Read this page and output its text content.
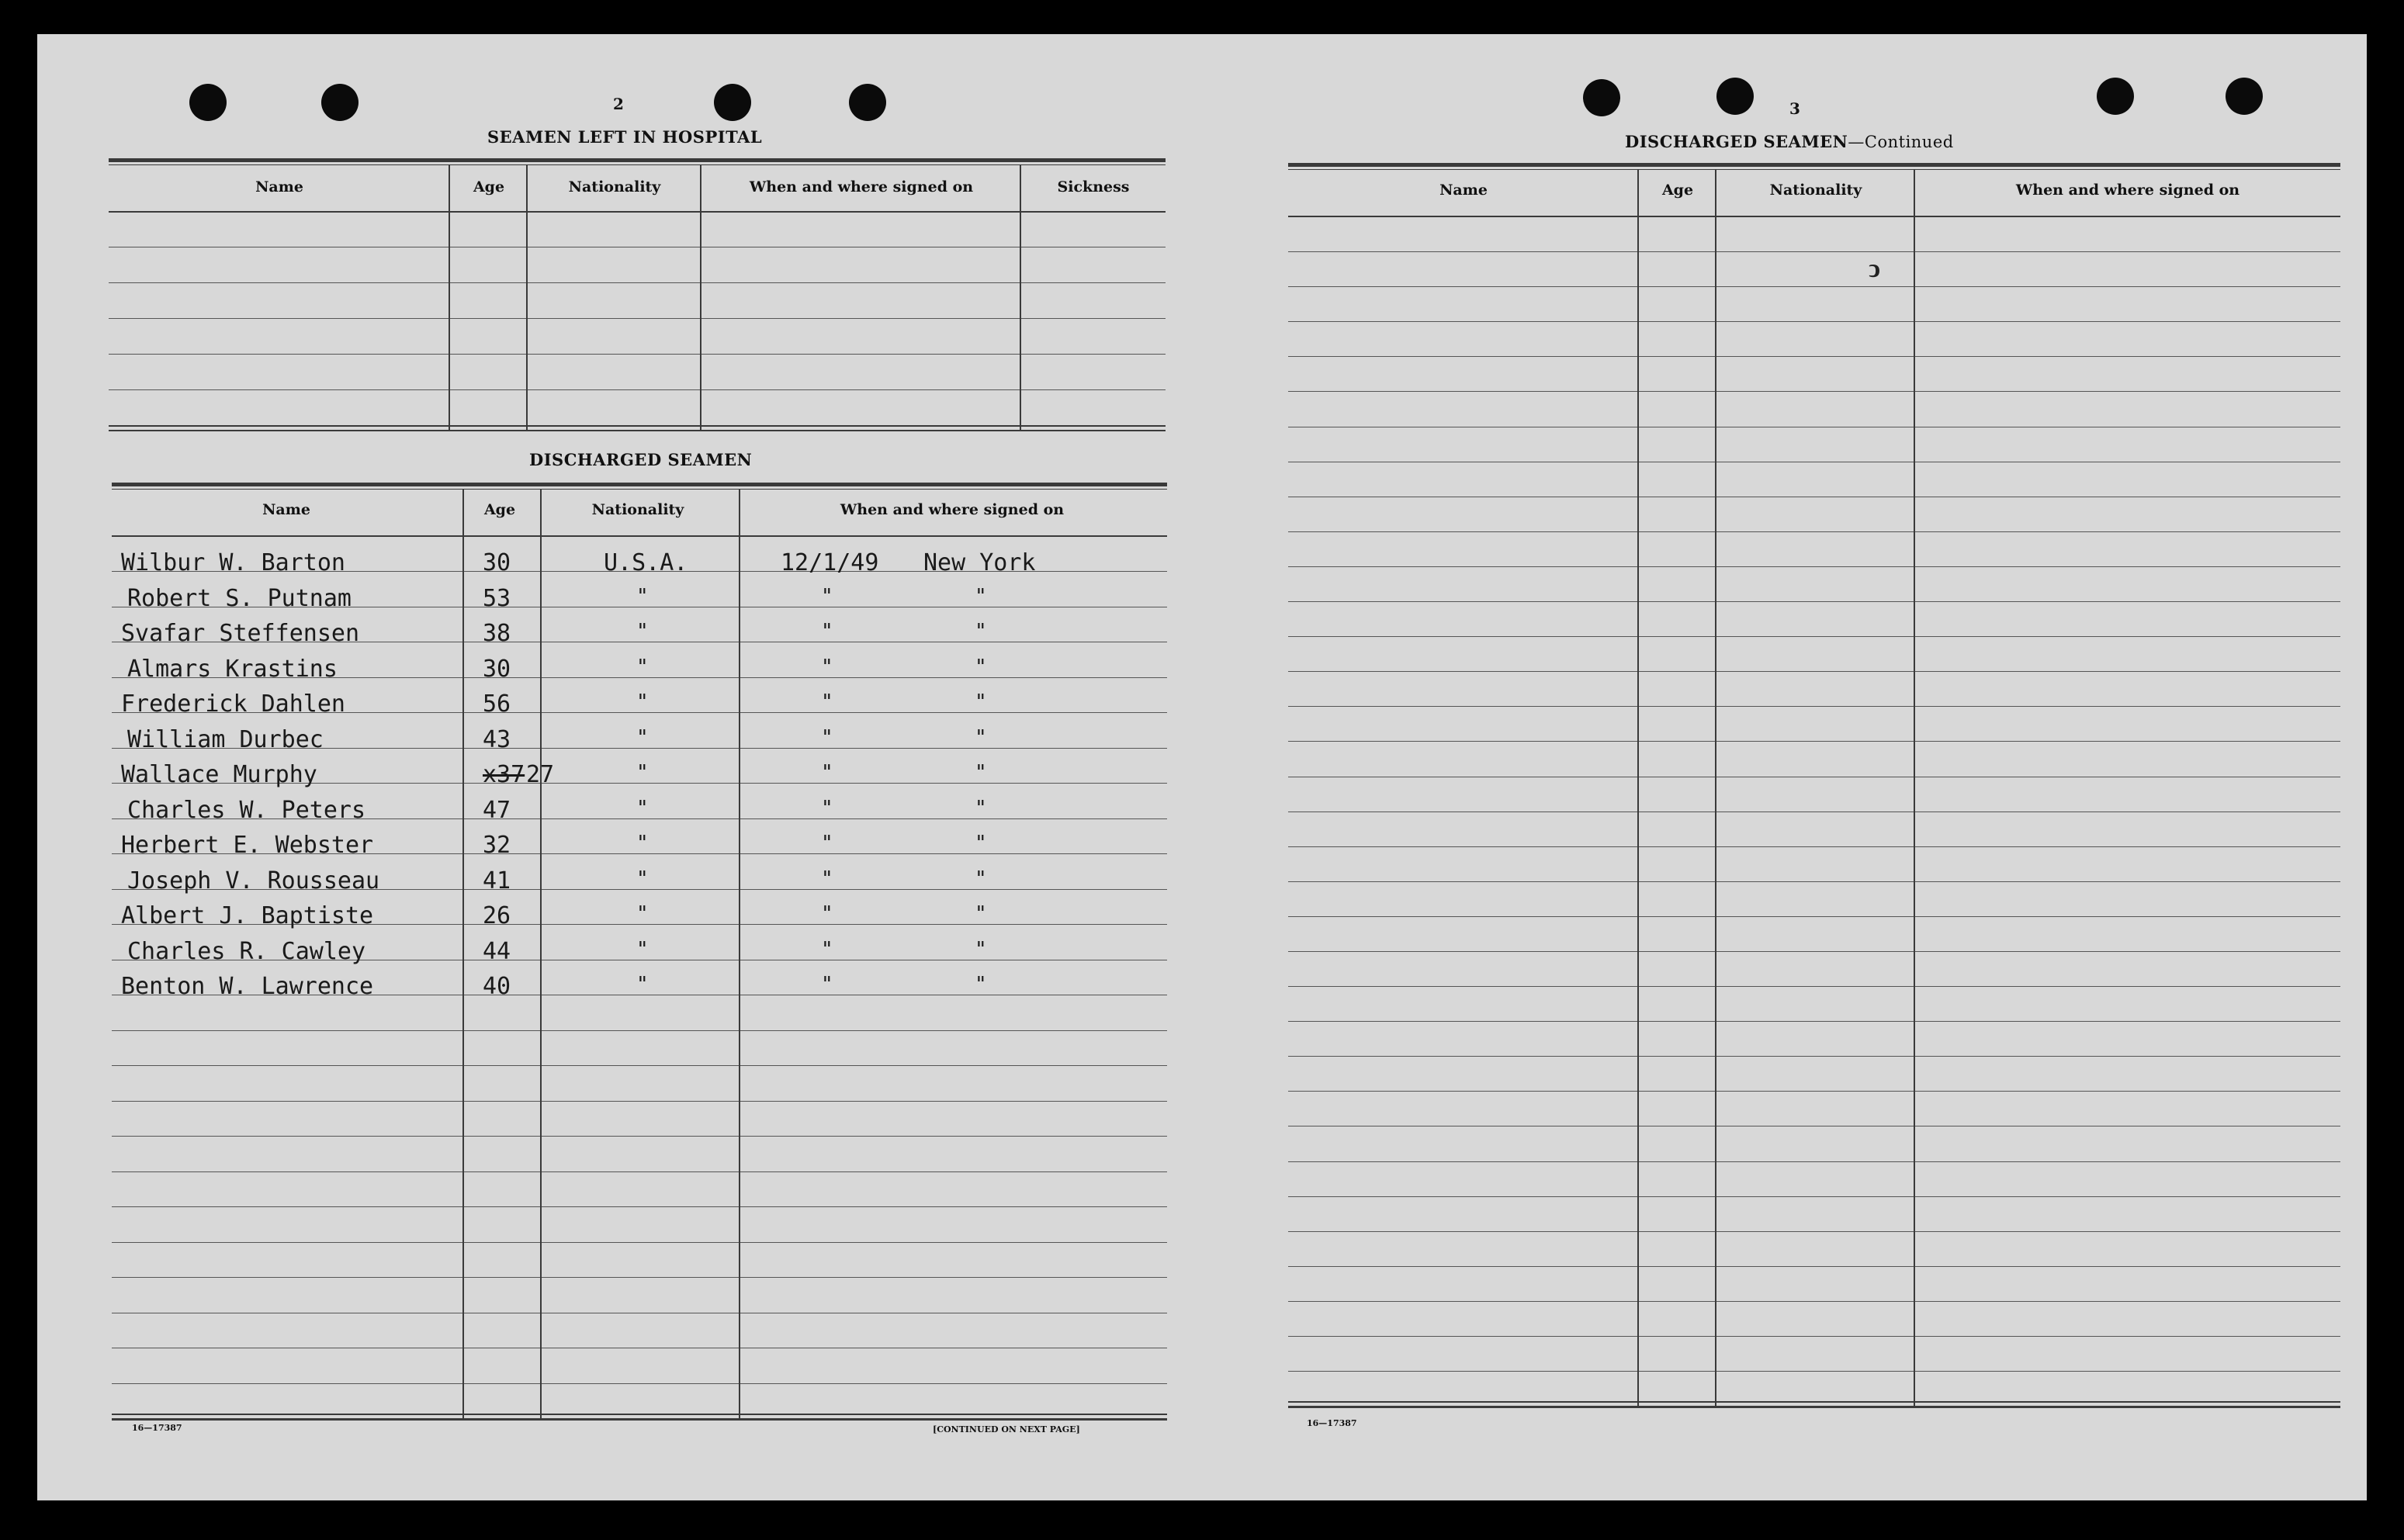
2
SEAMEN LEFT IN HOSPITAL
Name	Age	Nationality	When and where signed on	Sickness
DISCHARGED SEAMEN
Name	Age	Nationality	When and where signed on
Wilbur W. Barton	30	U.S.A.	12/1/49 New York
Robert S. Putnam	53	"	"	"
Svafar Steffensen	38	"	"	"
Almars Krastins	30	"	"	"
Frederick Dahlen	56	"	"	"
William Durbec	43	"	"	"
Wallace Murphy	x37	"	"	"
27
Charles W. Peters	47	"	"	"
Herbert E. Webster	32	"	"	"
Joseph V. Rousseau	41	"	"	"
Albert J. Baptiste	26	"	"	"
Charles R. Cawley	44	"	"	"
Benton W. Lawrence	40	"	"	"
16—17387	[CONTINUED ON NEXT PAGE]
3
DISCHARGED SEAMEN—Continued
Name	Age	Nationality	When and where signed on
ↄ
16—17387
